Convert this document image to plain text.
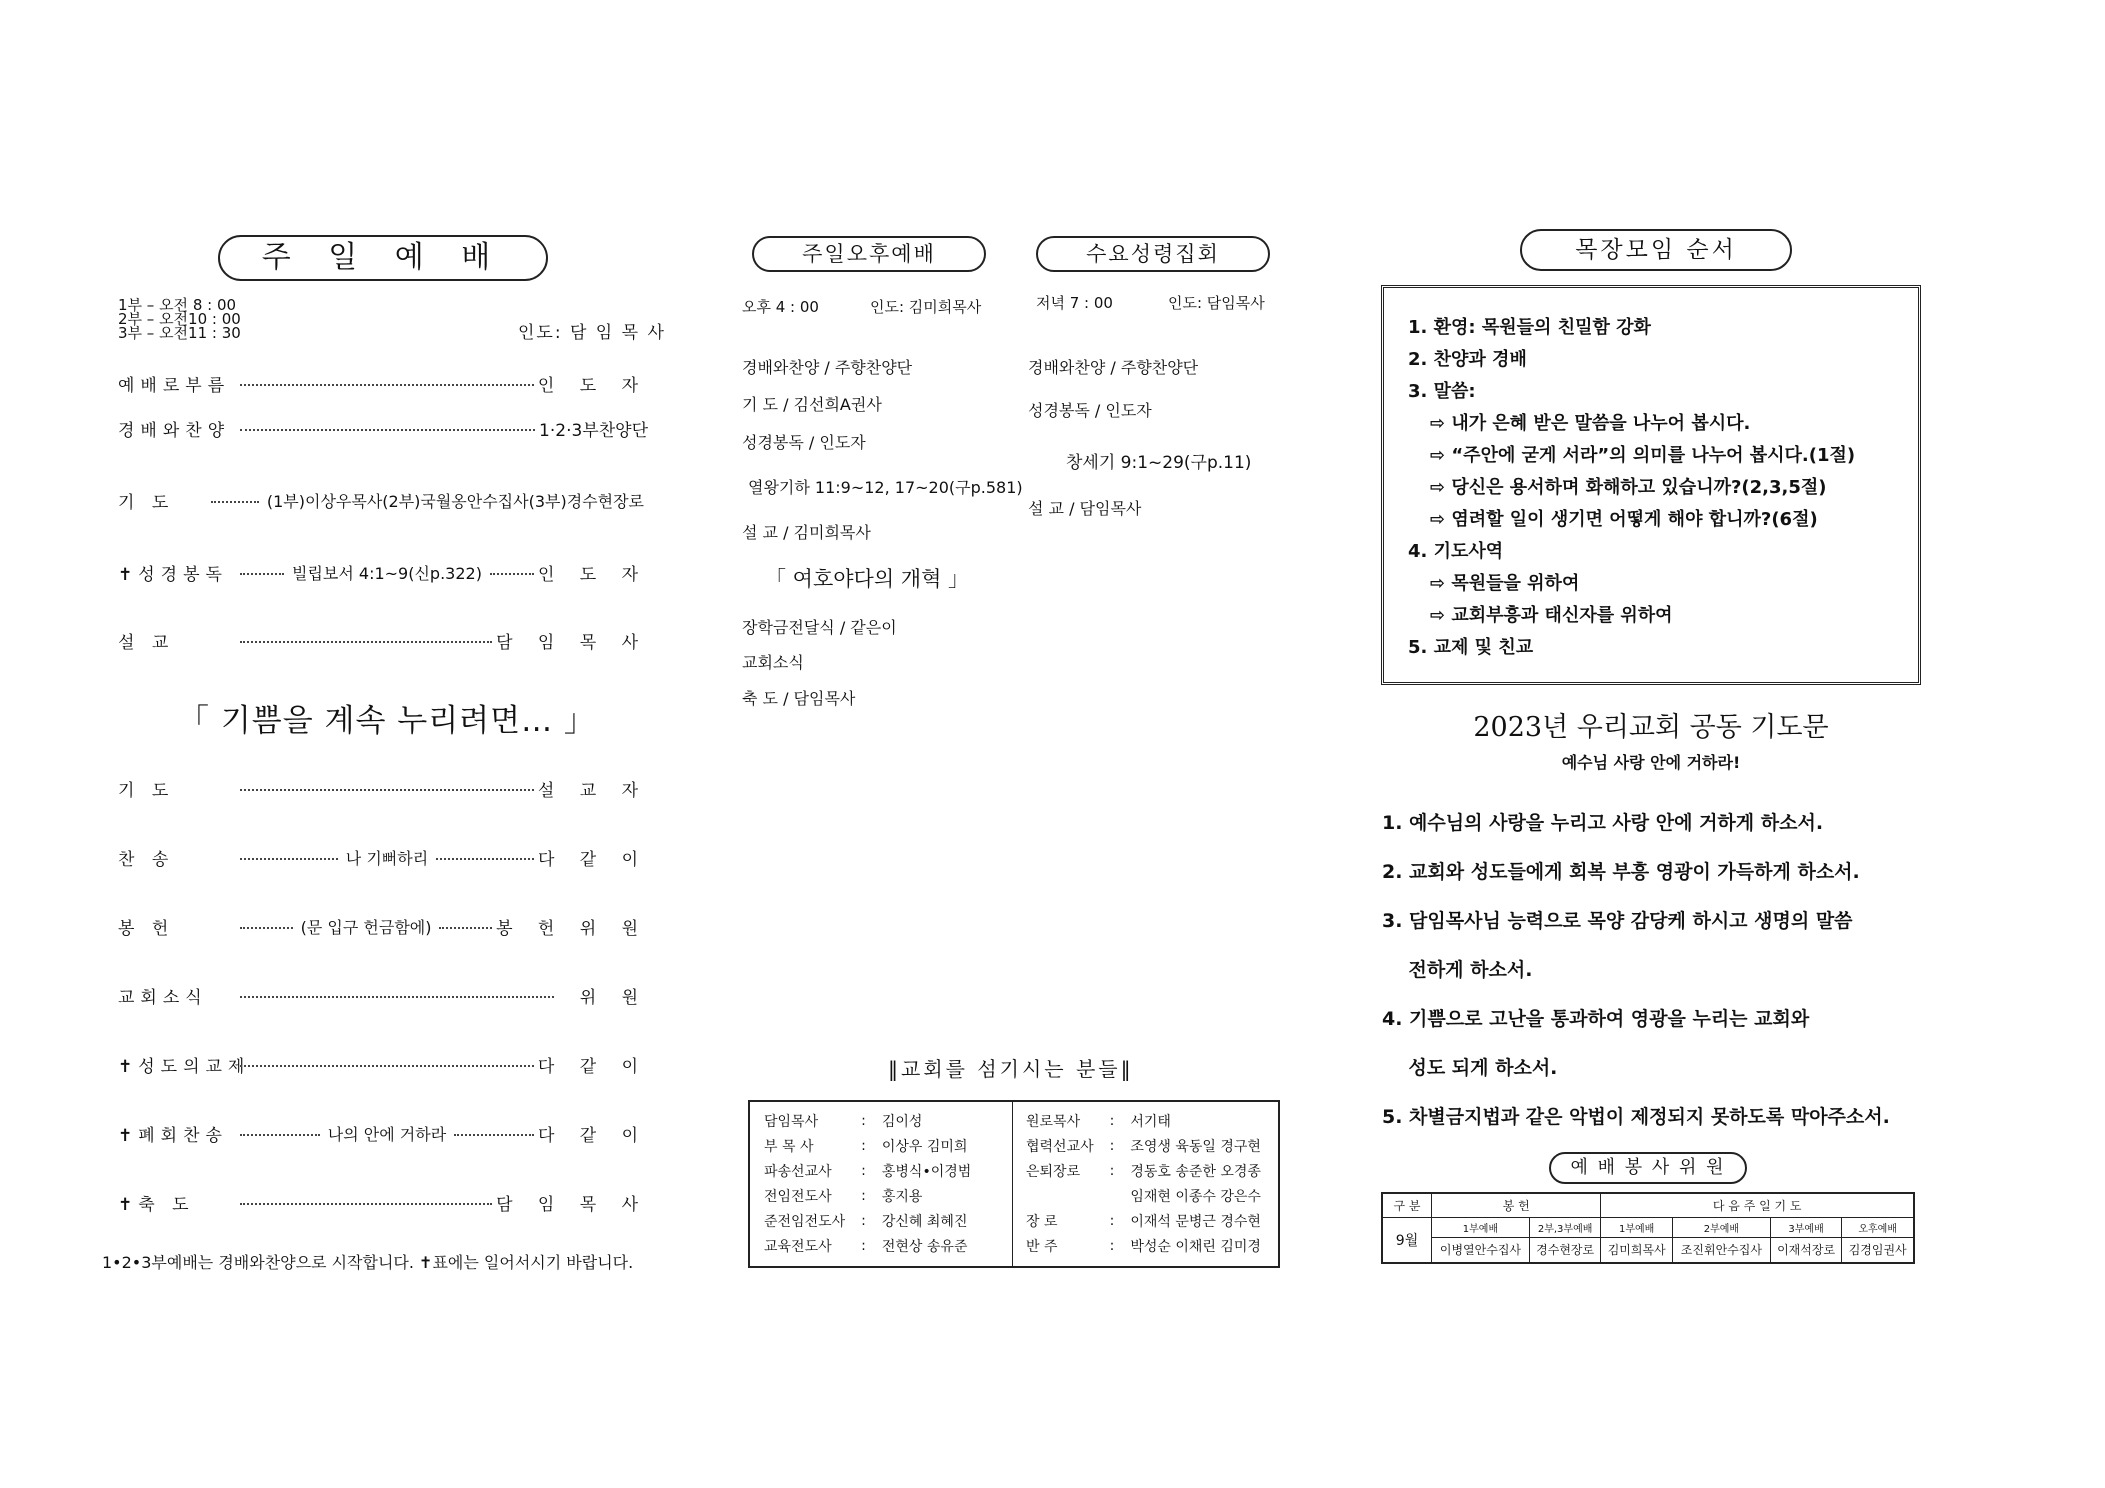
주 일 예 배
1부 – 오전 8 : 00
2부 – 오전10 : 00
3부 – 오전11 : 30	인도: 담 임 목 사
예배로부름	인 도 자
경배와찬양	1·2·3부찬양단
기 도	(1부)이상우목사(2부)국월옹안수집사(3부)경수현장로
✝성경봉독	빌립보서 4:1~9(신p.322)	인 도 자
설 교	담 임 목 사
「 기쁨을 계속 누리려면… 」
기 도	설 교 자
찬 송	나 기뻐하리	다 같 이
봉 헌	(문 입구 헌금함에)	봉 헌 위 원
교회소식	위 원
✝성도의교제	다 같 이
✝폐회찬송	나의 안에 거하라	다 같 이
✝축 도	담 임 목 사
1•2•3부예배는 경배와찬양으로 시작합니다. ✝표에는 일어서시기 바랍니다.
주일오후예배	수요성령집회
오후 4 : 00	인도: 김미희목사	저녁 7 : 00	인도: 담임목사
경배와찬양 / 주향찬양단
기 도 / 김선희A권사
성경봉독 / 인도자
열왕기하 11:9~12, 17~20(구p.581)
설 교 / 김미희목사
「 여호야다의 개혁 」
장학금전달식 / 같은이
교회소식
축 도 / 담임목사
경배와찬양 / 주향찬양단
성경봉독 / 인도자
창세기 9:1~29(구p.11)
설 교 / 담임목사
‖교회를 섬기시는 분들‖
담임목사	:	김이성
부 목 사	:	이상우 김미희
파송선교사	:	홍병식•이경범
전임전도사	:	홍지용
준전임전도사	:	강신혜 최혜진
교육전도사	:	전현상 송유준
원로목사	:	서기태
협력선교사	:	조영생 육동일 경구현
은퇴장로	:	경동호 송준한 오경종
		임재현 이종수 강은수
장 로	:	이재석 문병근 경수현
반 주	:	박성순 이채린 김미경
목장모임 순서
1. 환영: 목원들의 친밀함 강화
2. 찬양과 경배
3. 말씀:
⇨ 내가 은혜 받은 말씀을 나누어 봅시다.
⇨ “주안에 굳게 서라”의 의미를 나누어 봅시다.(1절)
⇨ 당신은 용서하며 화해하고 있습니까?(2,3,5절)
⇨ 염려할 일이 생기면 어떻게 해야 합니까?(6절)
4. 기도사역
⇨ 목원들을 위하여
⇨ 교회부흥과 태신자를 위하여
5. 교제 및 친교
2023년 우리교회 공동 기도문
예수님 사랑 안에 거하라!
1. 예수님의 사랑을 누리고 사랑 안에 거하게 하소서.
2. 교회와 성도들에게 회복 부흥 영광이 가득하게 하소서.
3. 담임목사님 능력으로 목양 감당케 하시고 생명의 말씀
전하게 하소서.
4. 기쁨으로 고난을 통과하여 영광을 누리는 교회와
성도 되게 하소서.
5. 차별금지법과 같은 악법이 제정되지 못하도록 막아주소서.
예 배 봉 사 위 원
구 분	봉 헌		다 음 주 일 기 도			
9월	1부예배	2부,3부예배	1부예배	2부예배	3부예배	오후예배
	이병열안수집사	경수현장로	김미희목사	조진휘안수집사	이재석장로	김경임권사
